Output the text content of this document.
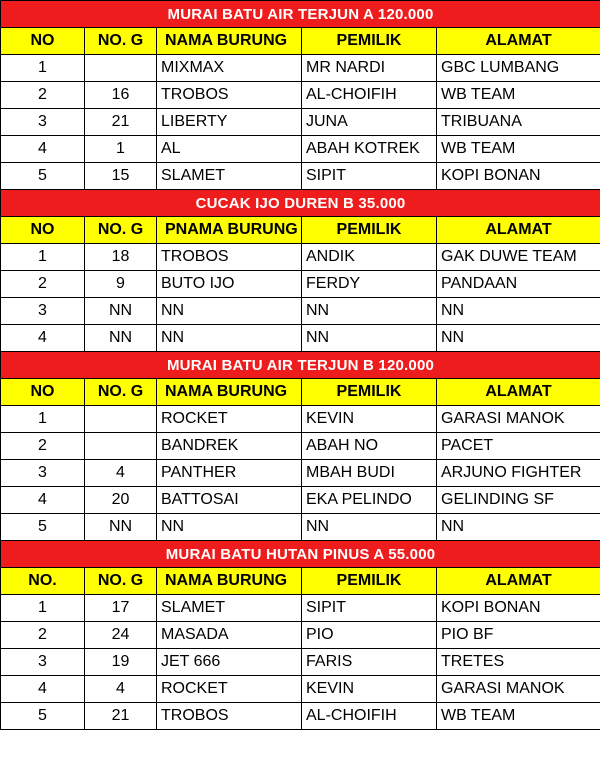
MURAI BATU AIR TERJUN A 120.000				
NO	NO. G	NAMA BURUNG	PEMILIK	ALAMAT
1		MIXMAX	MR NARDI	GBC LUMBANG
2	16	TROBOS	AL-CHOIFIH	WB TEAM
3	21	LIBERTY	JUNA	TRIBUANA
4	1	AL	ABAH KOTREK	WB TEAM
5	15	SLAMET	SIPIT	KOPI BONAN
CUCAK IJO DUREN B 35.000				
NO	NO. G	PNAMA BURUNG	PEMILIK	ALAMAT
1	18	TROBOS	ANDIK	GAK DUWE TEAM
2	9	BUTO IJO	FERDY	PANDAAN
3	NN	NN	NN	NN
4	NN	NN	NN	NN
MURAI BATU AIR TERJUN B 120.000				
NO	NO. G	NAMA BURUNG	PEMILIK	ALAMAT
1		ROCKET	KEVIN	GARASI MANOK
2		BANDREK	ABAH NO	PACET
3	4	PANTHER	MBAH BUDI	ARJUNO FIGHTER
4	20	BATTOSAI	EKA PELINDO	GELINDING SF
5	NN	NN	NN	NN
MURAI BATU HUTAN PINUS A 55.000				
NO.	NO. G	NAMA BURUNG	PEMILIK	ALAMAT
1	17	SLAMET	SIPIT	KOPI BONAN
2	24	MASADA	PIO	PIO BF
3	19	JET 666	FARIS	TRETES
4	4	ROCKET	KEVIN	GARASI MANOK
5	21	TROBOS	AL-CHOIFIH	WB TEAM
